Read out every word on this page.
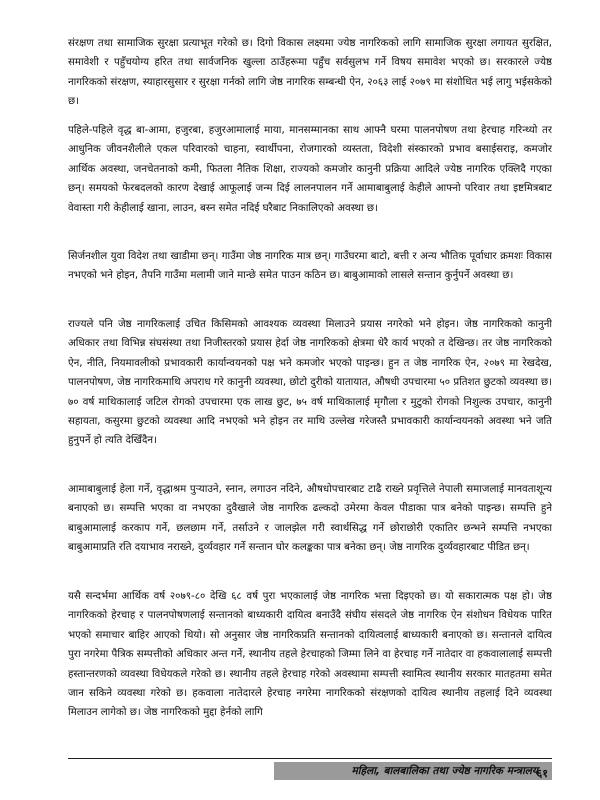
संरक्षण तथा सामाजिक सुरक्षा प्रत्याभूत गरेको छ। दिगो विकास लक्ष्यमा ज्येष्ठ नागरिकको लागि सामाजिक सुरक्षा लगायत सुरक्षित, समावेशी र पहुँचयोग्य हरित तथा सार्वजनिक खुल्ला ठाउँहरूमा पहुँच सर्वसुलभ गर्ने विषय समावेश भएको छ। सरकारले ज्येष्ठ नागरिकको संरक्षण, स्याहारसुसार र सुरक्षा गर्नको लागि जेष्ठ नागरिक सम्बन्धी ऐन, २०६३ लाई २०७९ मा संशोधित भई लागु भईसकेको छ।

पहिले-पहिले वृद्ध बा-आमा, हजुरबा, हजुरआमालाई माया, मानसम्मानका साथ आफ्नै घरमा पालनपोषण तथा हेरचाह गरिन्थ्यो तर आधुनिक जीवनशैलीले एकल परिवारको चाहना, स्वार्थीपना, रोजगारको व्यस्तता, विदेशी संस्कारको प्रभाव बसाईसराइ, कमजोर आर्थिक अवस्था, जनचेतनाको कमी, फितला नैतिक शिक्षा, राज्यको कमजोर कानुनी प्रक्रिया आदिले ज्येष्ठ नागरिक एक्लिदै गएका छन्। समयको फेरबदलको कारण देखाई आफूलाई जन्म दिई लालनपालन गर्ने आमाबाबुलाई केहीले आफ्नो परिवार तथा इष्टमित्रबाट वेवास्ता गरी केहीलाई खाना, लाउन, बस्न समेत नदिई घरैबाट निकालिएको अवस्था छ।

सिर्जनशील युवा विदेश तथा खाडीमा छन्। गाउँमा जेष्ठ नागरिक मात्र छन्। गाउँघरमा बाटो, बत्ती र अन्य भौतिक पूर्वाधार क्रमशः विकास नभएको भने होइन, तैपनि गाउँमा मलामी जाने मान्छे समेत पाउन कठिन छ। बाबुआमाको लासले सन्तान कुर्नुपर्ने अवस्था छ।

राज्यले पनि जेष्ठ नागरिकलाई उचित किसिमको आवश्यक व्यवस्था मिलाउने प्रयास नगरेको भने होइन। जेष्ठ नागरिकको कानुनी अधिकार तथा विभिन्न संघसंस्था तथा निजीस्तरको प्रयास हेर्दा जेष्ठ नागरिकको क्षेत्रमा धेरै कार्य भएको त देखिन्छ। तर जेष्ठ नागरिकको ऐन, नीति, नियमावलीको प्रभावकारी कार्यान्वयनको पक्ष भने कमजोर भएको पाइन्छ। हुन त जेष्ठ नागरिक ऐन, २०७९ मा रेखदेख, पालनपोषण, जेष्ठ नागरिकमाथि अपराध गरे कानुनी व्यवस्था, छोटो दुरीको यातायात, औषधी उपचारमा ५० प्रतिशत छुटको व्यवस्था छ। ७० वर्ष माथिकालाई जटिल रोगको उपचारमा एक लाख छुट, ७५ वर्ष माथिकालाई मृगौला र मुटुको रोगको निशुल्क उपचार, कानुनी सहायता, कसुरमा छुटको व्यवस्था आदि नभएको भने होइन तर माथि उल्लेख गरेजस्तै प्रभावकारी कार्यान्वयनको अवस्था भने जति हुनुपर्ने हो त्यति देखिँदैन।

आमाबाबुलाई हेला गर्ने, वृद्धाश्रम पुऱ्याउने, स्नान, लगाउन नदिने, औषधोपचारबाट टाढै राख्ने प्रवृत्तिले नेपाली समाजलाई मानवताशून्य बनाएको छ। सम्पत्ति भएका वा नभएका दुवैखाले जेष्ठ नागरिक ढल्कदो उमेरमा केवल पीडाका पात्र बनेको पाइन्छ। सम्पत्ति हुने बाबुआमालाई करकाप गर्ने, छलछाम गर्ने, तर्साउने र जालझेल गरी स्वार्थसिद्ध गर्ने छोराछोरी एकातिर छन्भने सम्पत्ति नभएका बाबुआमाप्रति रति दयाभाव नराख्ने, दुर्व्यवहार गर्ने सन्तान घोर कलङ्कका पात्र बनेका छन्। जेष्ठ नागरिक दुर्व्यवहारबाट पीडित छन्।

यसै सन्दर्भमा आर्थिक वर्ष २०७९-८० देखि ६८ वर्ष पुरा भएकालाई जेष्ठ नागरिक भत्ता दिइएको छ। यो सकारात्मक पक्ष हो। जेष्ठ नागरिकको हेरचाह र पालनपोषणलाई सन्तानको बाध्यकारी दायित्व बनाउँदै संघीय संसदले जेष्ठ नागरिक ऐन संशोधन विधेयक पारित भएको समाचार बाहिर आएको थियो। सो अनुसार जेष्ठ नागरिकप्रति सन्तानको दायित्वलाई बाध्यकारी बनाएको छ। सन्तानले दायित्व पुरा नगरेमा पैत्रिक सम्पत्तीको अधिकार अन्त गर्ने, स्थानीय तहले हेरचाहको जिम्मा लिने वा हेरचाह गर्ने नातेदार वा हकवालालाई सम्पत्ती हस्तान्तरणको व्यवस्था विधेयकले गरेको छ। स्थानीय तहले हेरचाह गरेको अवस्थामा सम्पत्ती स्वामित्व स्थानीय सरकार मातहतमा समेत जान सकिने व्यवस्था गरेको छ। हकवाला नातेदारले हेरचाह नगरेमा नागरिकको संरक्षणको दायित्व स्थानीय तहलाई दिने व्यवस्था मिलाउन लागेको छ। जेष्ठ नागरिकको मुद्दा हेर्नको लागि

महिला, बालबालिका तथा ज्येष्ठ नागरिक मन्त्रालय
६१
